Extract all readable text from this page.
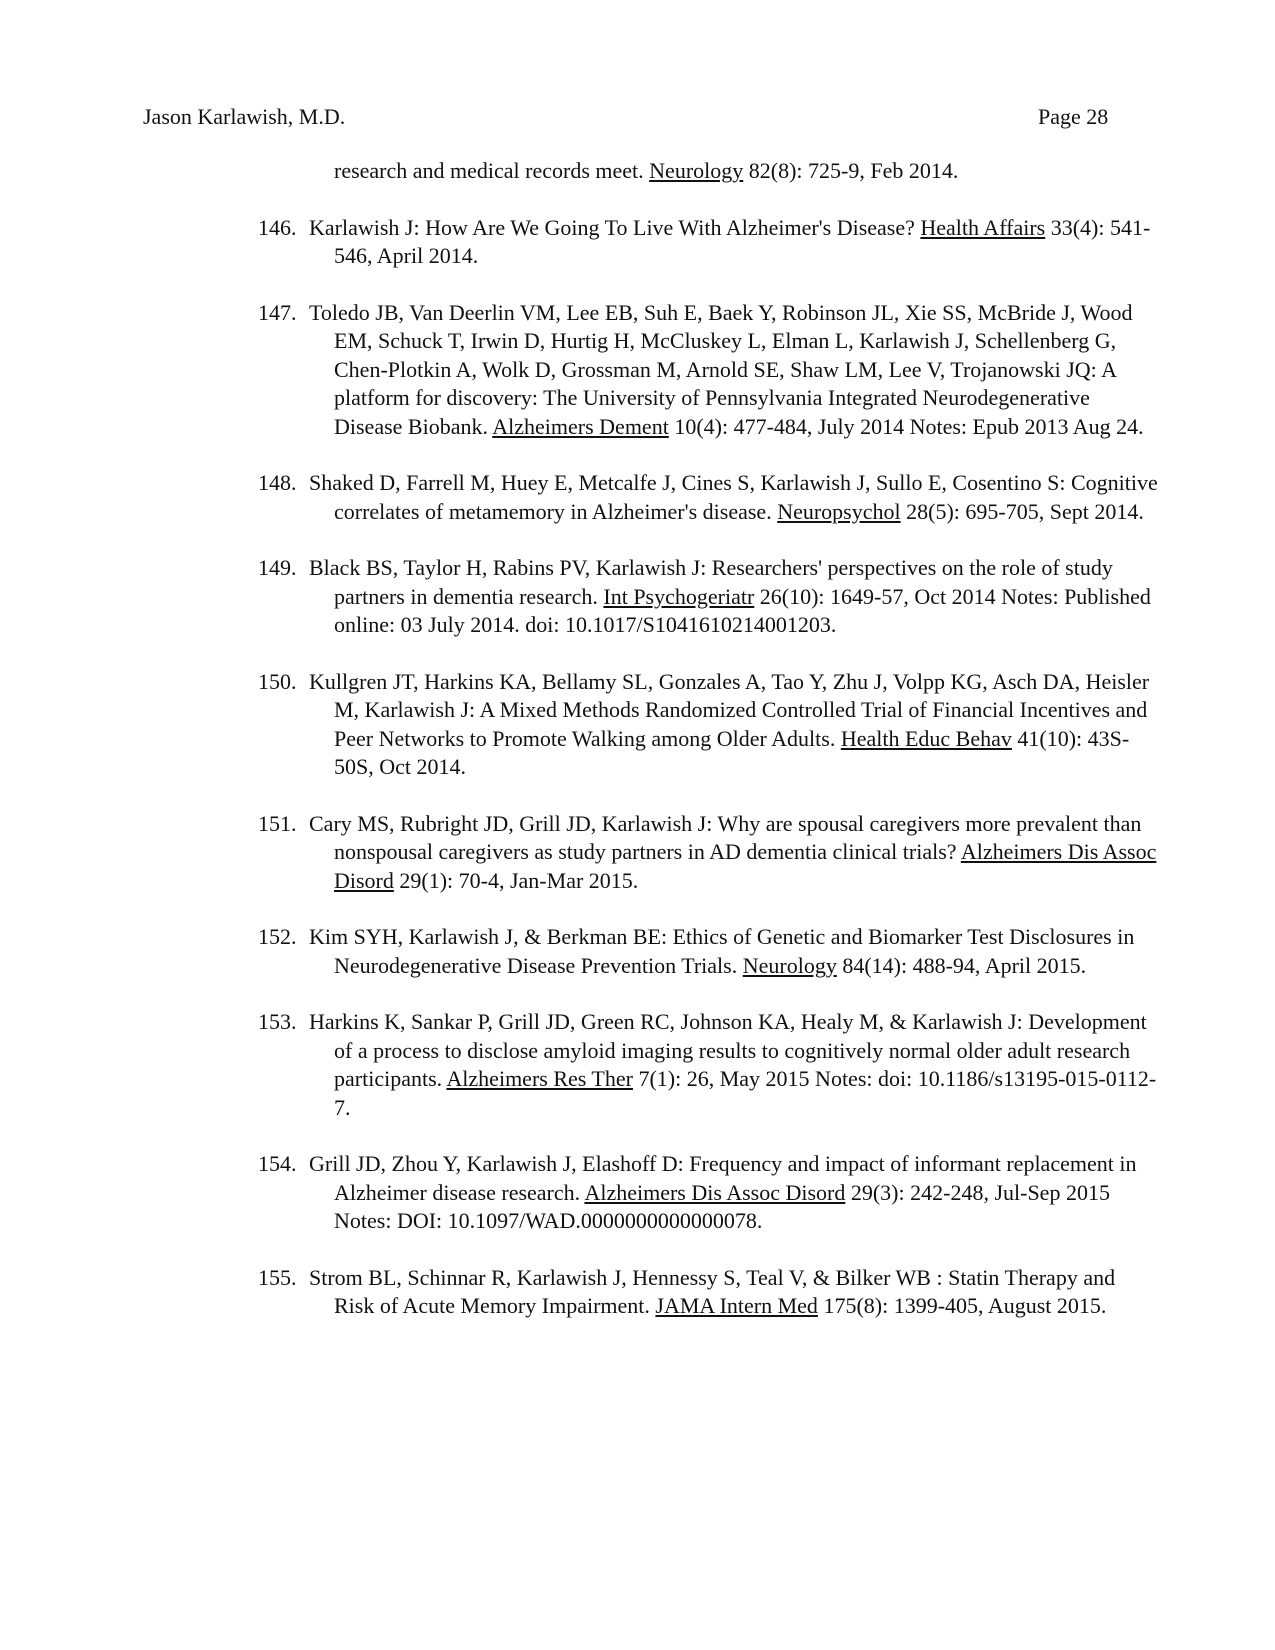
Jason Karlawish, M.D.	Page 28

research and medical records meet. Neurology 82(8): 725-9, Feb 2014.

146. Karlawish J: How Are We Going To Live With Alzheimer's Disease? Health Affairs 33(4): 541-546, April 2014.
147. Toledo JB, Van Deerlin VM, Lee EB, Suh E, Baek Y, Robinson JL, Xie SS, McBride J, Wood EM, Schuck T, Irwin D, Hurtig H, McCluskey L, Elman L, Karlawish J, Schellenberg G, Chen-Plotkin A, Wolk D, Grossman M, Arnold SE, Shaw LM, Lee V, Trojanowski JQ: A platform for discovery: The University of Pennsylvania Integrated Neurodegenerative Disease Biobank. Alzheimers Dement 10(4): 477-484, July 2014 Notes: Epub 2013 Aug 24.
148. Shaked D, Farrell M, Huey E, Metcalfe J, Cines S, Karlawish J, Sullo E, Cosentino S: Cognitive correlates of metamemory in Alzheimer's disease. Neuropsychol 28(5): 695-705, Sept 2014.
149. Black BS, Taylor H, Rabins PV, Karlawish J: Researchers' perspectives on the role of study partners in dementia research. Int Psychogeriatr 26(10): 1649-57, Oct 2014 Notes: Published online: 03 July 2014. doi: 10.1017/S1041610214001203.
150. Kullgren JT, Harkins KA, Bellamy SL, Gonzales A, Tao Y, Zhu J, Volpp KG, Asch DA, Heisler M, Karlawish J: A Mixed Methods Randomized Controlled Trial of Financial Incentives and Peer Networks to Promote Walking among Older Adults. Health Educ Behav 41(10): 43S-50S, Oct 2014.
151. Cary MS, Rubright JD, Grill JD, Karlawish J: Why are spousal caregivers more prevalent than nonspousal caregivers as study partners in AD dementia clinical trials? Alzheimers Dis Assoc Disord 29(1): 70-4, Jan-Mar 2015.
152. Kim SYH, Karlawish J, & Berkman BE: Ethics of Genetic and Biomarker Test Disclosures in Neurodegenerative Disease Prevention Trials. Neurology 84(14): 488-94, April 2015.
153. Harkins K, Sankar P, Grill JD, Green RC, Johnson KA, Healy M, & Karlawish J: Development of a process to disclose amyloid imaging results to cognitively normal older adult research participants. Alzheimers Res Ther 7(1): 26, May 2015 Notes: doi: 10.1186/s13195-015-0112-7.
154. Grill JD, Zhou Y, Karlawish J, Elashoff D: Frequency and impact of informant replacement in Alzheimer disease research. Alzheimers Dis Assoc Disord 29(3): 242-248, Jul-Sep 2015 Notes: DOI: 10.1097/WAD.0000000000000078.
155. Strom BL, Schinnar R, Karlawish J, Hennessy S, Teal V, & Bilker WB : Statin Therapy and Risk of Acute Memory Impairment. JAMA Intern Med 175(8): 1399-405, August 2015.
